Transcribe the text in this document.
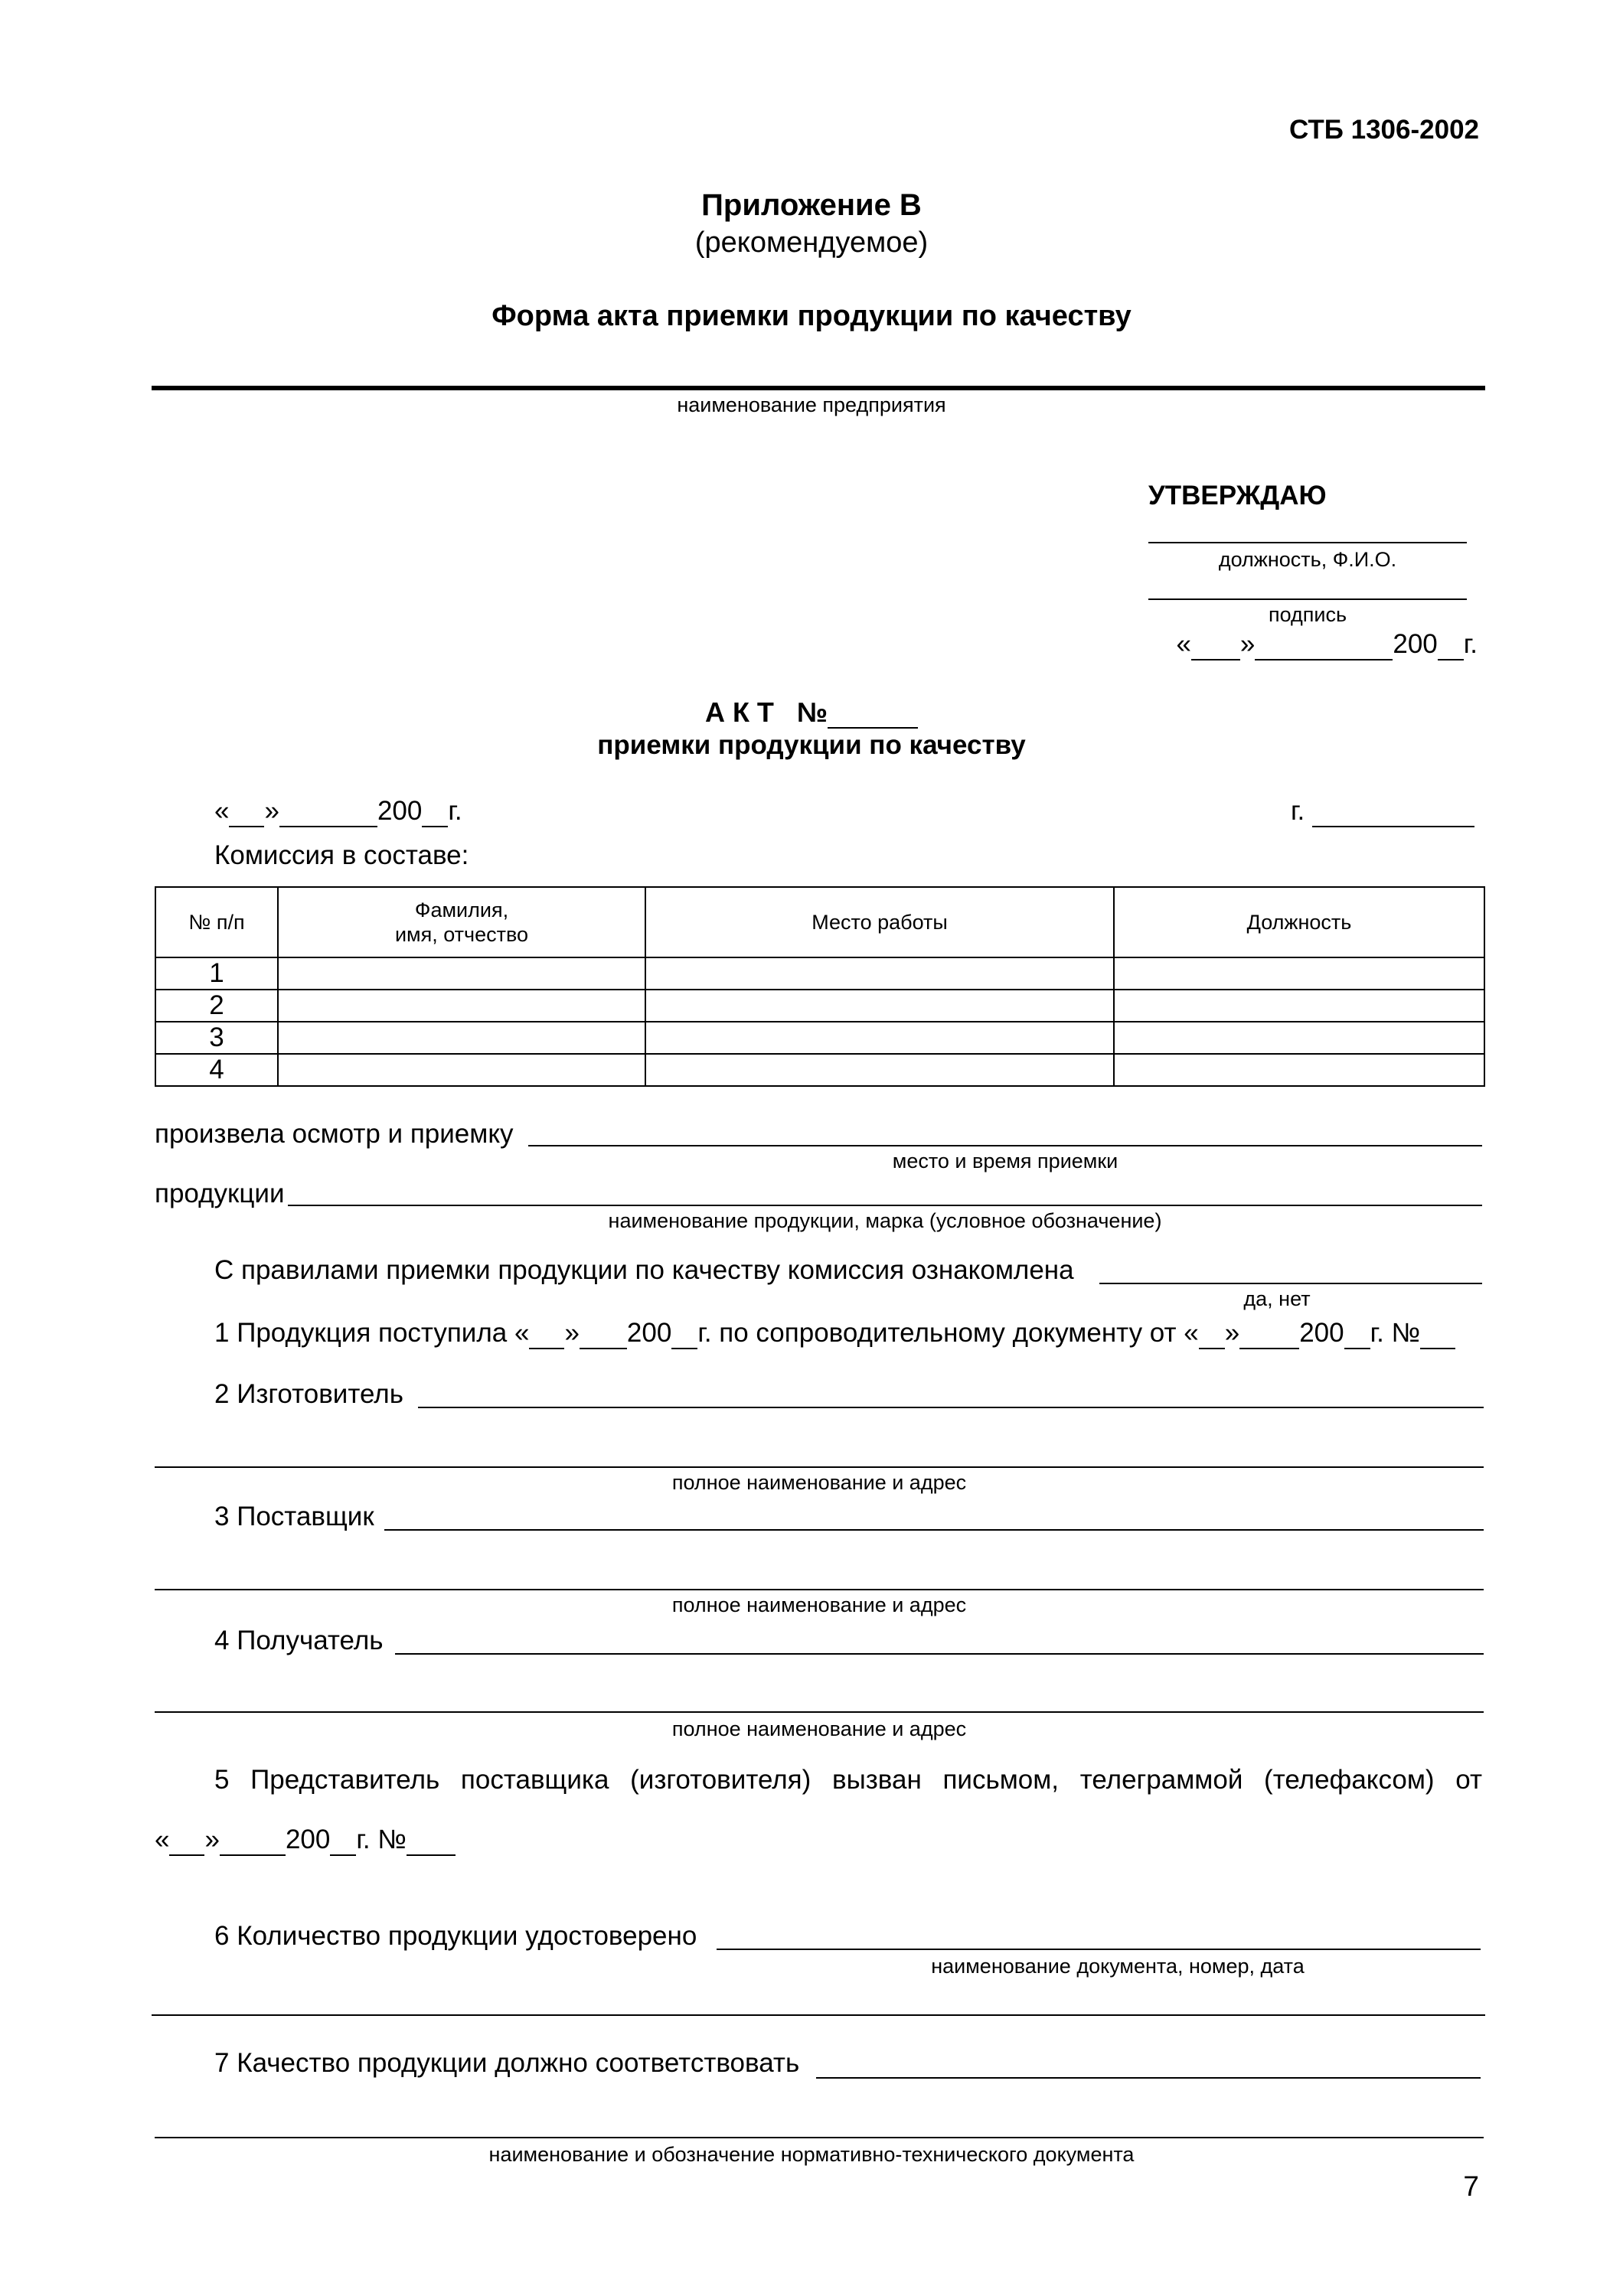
СТБ 1306-2002
Приложение В
(рекомендуемое)
Форма акта приемки продукции по качеству
наименование предприятия
УТВЕРЖДАЮ
должность, Ф.И.О.
подпись
« »	200 г.
А К Т   №
приемки продукции по качеству
« »	200 г.	г.
Комиссия в составе:
№ п/п	Фамилия,
имя, отчество	Место работы	Должность
1			
2			
3			
4			
произвела осмотр и приемку
место и время приемки
продукции
наименование продукции, марка (условное обозначение)
С правилами приемки продукции по качеству комиссия ознакомлена
да, нет
1 Продукция поступила « » 200 г. по сопроводительному документу от « » 200 г. №
2 Изготовитель
полное наименование и адрес
3 Поставщик
полное наименование и адрес
4 Получатель
полное наименование и адрес
5 Представитель поставщика (изготовителя) вызван письмом, телеграммой (телефаксом) от
« » 200 г. №
6 Количество продукции удостоверено
наименование документа, номер, дата
7 Качество продукции должно соответствовать
наименование и обозначение нормативно-технического документа
7
